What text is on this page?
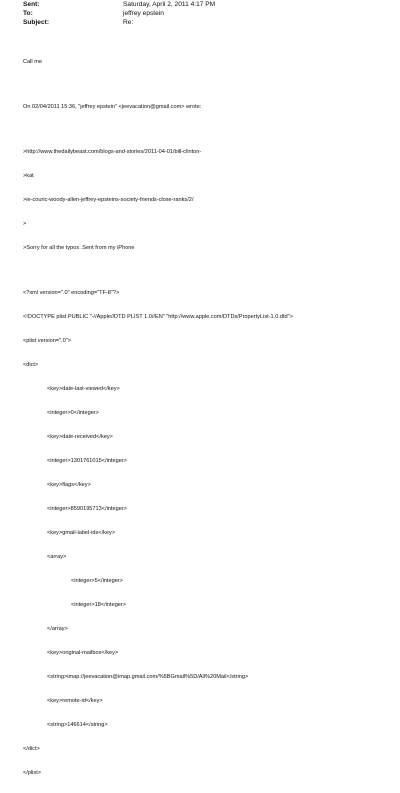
Sent:	Saturday, April 2, 2011 4:17 PM
To:	jeffrey epstein
Subject:	Re:

Call me

On 02/04/2011 15:36, "jeffrey epstein" <jeevacation@gmail.com> wrote:

>http://www.thedailybeast.com/blogs-and-stories/2011-04-01/bill-clinton-

>kat

>ie-couric-woody-allen-jeffrey-epsteins-society-friends-close-ranks/2/

>

>Sorry for all the typos .Sent from my iPhone

<?xml version=".0" encoding="TF-8"?>

<!DOCTYPE plist PUBLIC "-//Apple//DTD PLIST 1.0//EN" "http://www.apple.com/DTDs/PropertyList-1.0.dtd">

<plist version=".0">

<dict>

<key>date-last-viewed</key>

<integer>0</integer>

<key>date-received</key>

<integer>1301761015</integer>

<key>flags</key>

<integer>8590195713</integer>

<key>gmail-label-ids</key>

<array>

<integer>5</integer>

<integer>18</integer>

</array>

<key>original-mailbox</key>

<string>imap://jeevacation@imap.gmail.com/%5BGmail%5D/All%20Mail</string>

<key>remote-id</key>

<string>146614</string>

</dict>

</plist>
